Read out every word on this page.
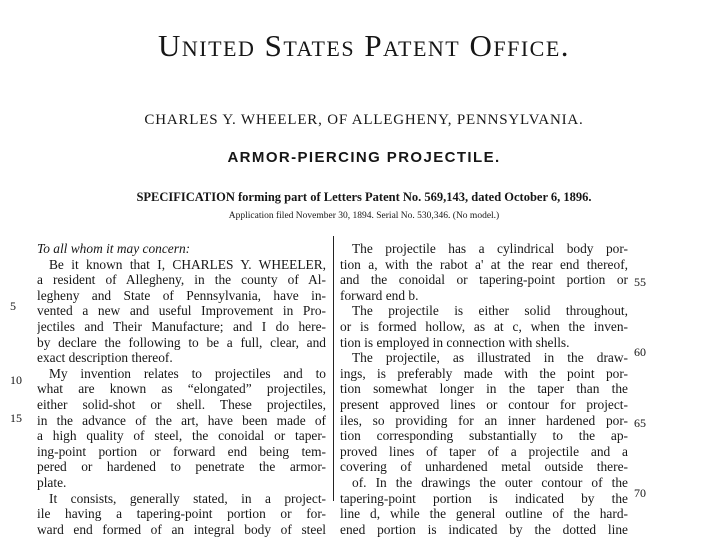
United States Patent Office.
CHARLES Y. WHEELER, OF ALLEGHENY, PENNSYLVANIA.
ARMOR-PIERCING PROJECTILE.
SPECIFICATION forming part of Letters Patent No. 569,143, dated October 6, 1896.
Application filed November 30, 1894. Serial No. 530,346. (No model.)
To all whom it may concern:
Be it known that I, CHARLES Y. WHEELER,
a resident of Allegheny, in the county of Al-
legheny and State of Pennsylvania, have in-
vented a new and useful Improvement in Pro-
jectiles and Their Manufacture; and I do here-
by declare the following to be a full, clear, and
exact description thereof.
My invention relates to projectiles and to
what are known as “elongated” projectiles,
either solid-shot or shell. These projectiles,
in the advance of the art, have been made of
a high quality of steel, the conoidal or taper-
ing-point portion or forward end being tem-
pered or hardened to penetrate the armor-
plate.
It consists, generally stated, in a project-
ile having a tapering-point portion or for-
ward end formed of an integral body of steel
The projectile has a cylindrical body por-
tion a, with the rabot a' at the rear end thereof,
and the conoidal or tapering-point portion or
forward end b.
The projectile is either solid throughout,
or is formed hollow, as at c, when the inven-
tion is employed in connection with shells.
The projectile, as illustrated in the draw-
ings, is preferably made with the point por-
tion somewhat longer in the taper than the
present approved lines or contour for project-
iles, so providing for an inner hardened por-
tion corresponding substantially to the ap-
proved lines of taper of a projectile and a
covering of unhardened metal outside there-
of. In the drawings the outer contour of the
tapering-point portion is indicated by the
line d, while the general outline of the hard-
ened portion is indicated by the dotted line
5
10
15
55
60
65
70
